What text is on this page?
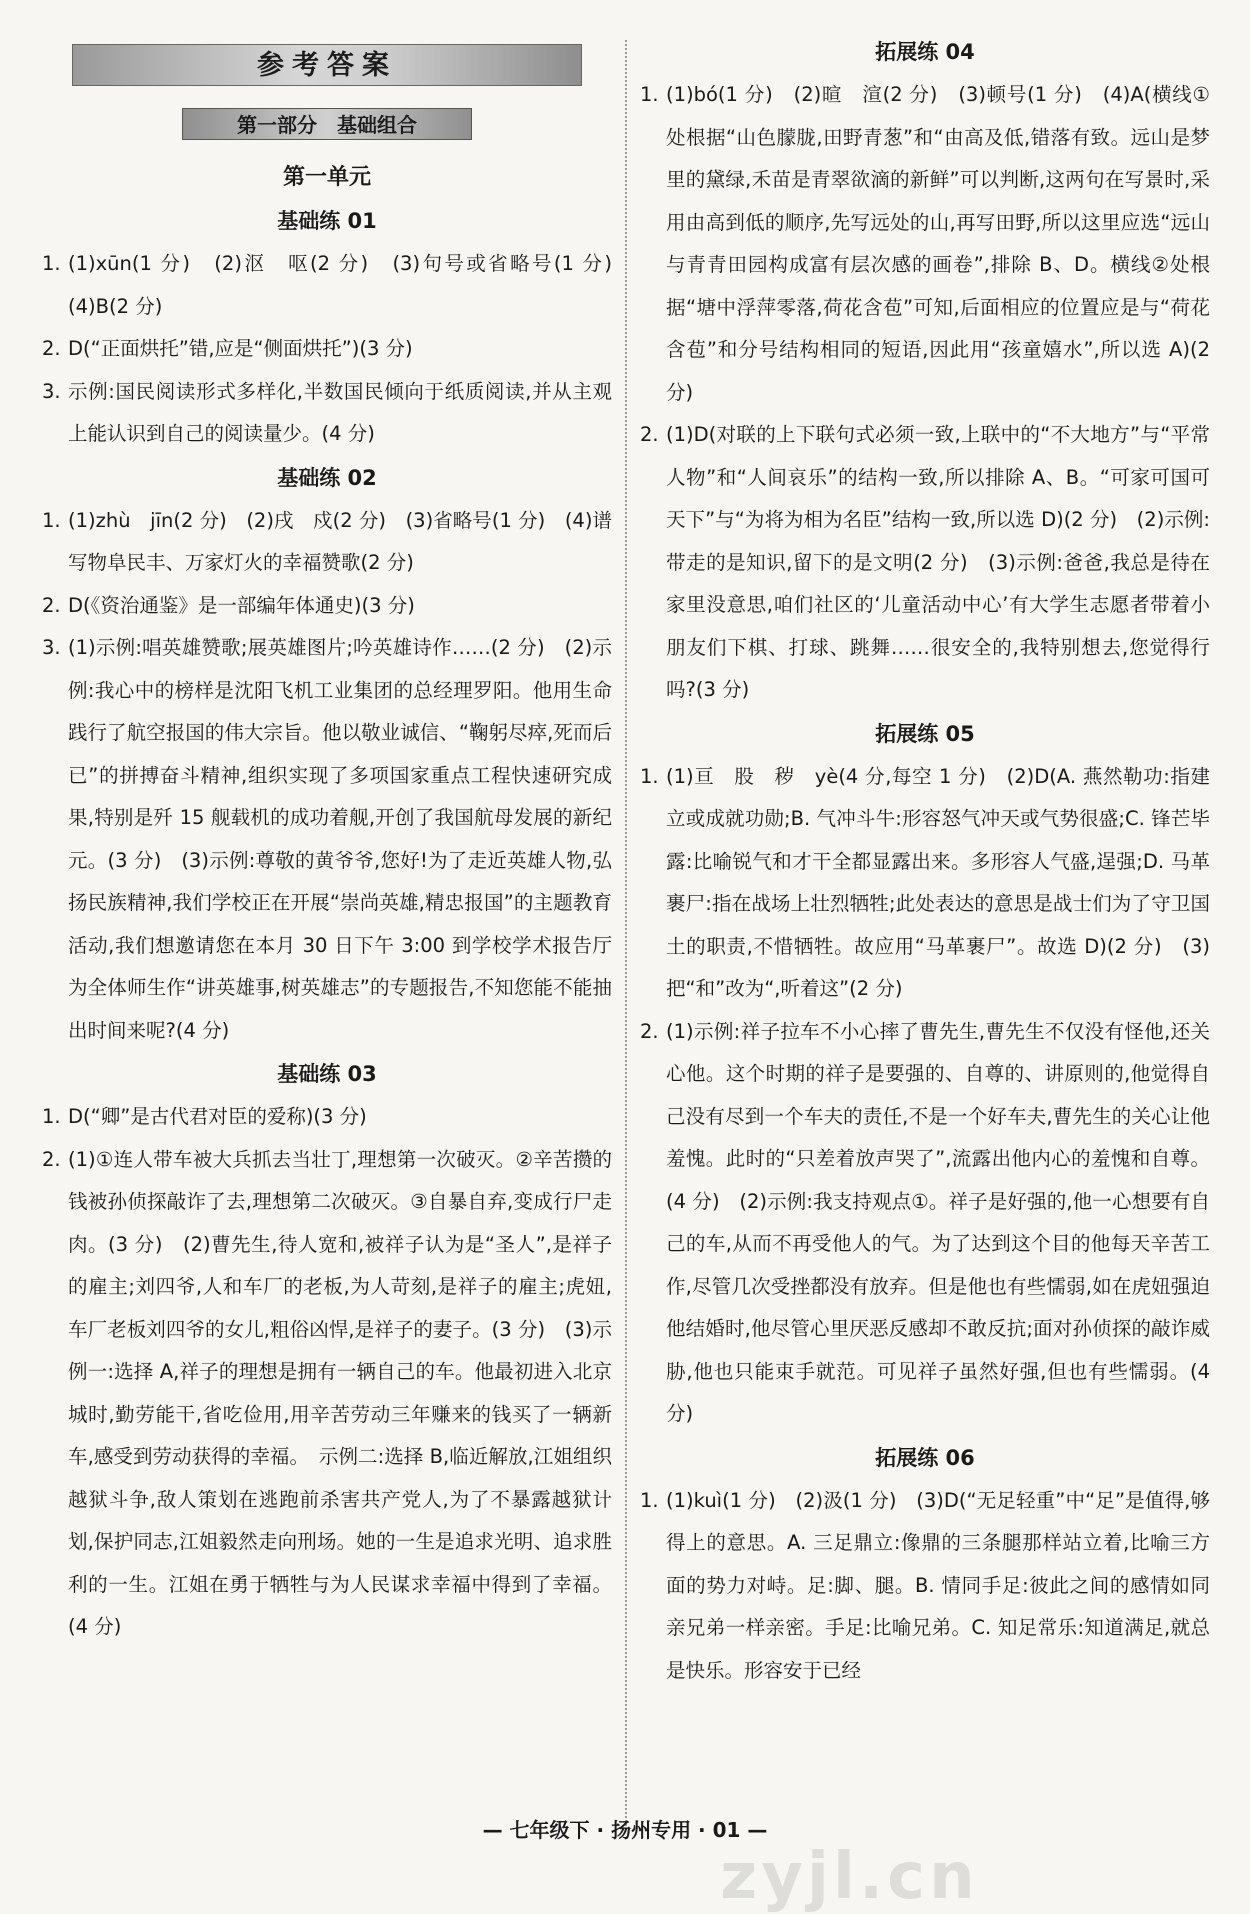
参考答案
第一部分　基础组合
第一单元
基础练 01

1. (1)xūn(1 分)　(2)沤　呕(2 分)　(3)句号或省略号(1 分)　(4)B(2 分)

2. D(“正面烘托”错,应是“侧面烘托”)(3 分)

3. 示例:国民阅读形式多样化,半数国民倾向于纸质阅读,并从主观上能认识到自己的阅读量少。(4 分)

基础练 02

1. (1)zhù　jīn(2 分)　(2)戌　戍(2 分)　(3)省略号(1 分)　(4)谱写物阜民丰、万家灯火的幸福赞歌(2 分)

2. D(《资治通鉴》是一部编年体通史)(3 分)

3. (1)示例:唱英雄赞歌;展英雄图片;吟英雄诗作……(2 分)　(2)示例:我心中的榜样是沈阳飞机工业集团的总经理罗阳。他用生命践行了航空报国的伟大宗旨。他以敬业诚信、“鞠躬尽瘁,死而后已”的拼搏奋斗精神,组织实现了多项国家重点工程快速研究成果,特别是歼 15 舰载机的成功着舰,开创了我国航母发展的新纪元。(3 分)　(3)示例:尊敬的黄爷爷,您好!为了走近英雄人物,弘扬民族精神,我们学校正在开展“崇尚英雄,精忠报国”的主题教育活动,我们想邀请您在本月 30 日下午 3:00 到学校学术报告厅为全体师生作“讲英雄事,树英雄志”的专题报告,不知您能不能抽出时间来呢?(4 分)

基础练 03

1. D(“卿”是古代君对臣的爱称)(3 分)

2. (1)①连人带车被大兵抓去当壮丁,理想第一次破灭。②辛苦攒的钱被孙侦探敲诈了去,理想第二次破灭。③自暴自弃,变成行尸走肉。(3 分)　(2)曹先生,待人宽和,被祥子认为是“圣人”,是祥子的雇主;刘四爷,人和车厂的老板,为人苛刻,是祥子的雇主;虎妞,车厂老板刘四爷的女儿,粗俗凶悍,是祥子的妻子。(3 分)　(3)示例一:选择 A,祥子的理想是拥有一辆自己的车。他最初进入北京城时,勤劳能干,省吃俭用,用辛苦劳动三年赚来的钱买了一辆新车,感受到劳动获得的幸福。　示例二:选择 B,临近解放,江姐组织越狱斗争,敌人策划在逃跑前杀害共产党人,为了不暴露越狱计划,保护同志,江姐毅然走向刑场。她的一生是追求光明、追求胜利的一生。江姐在勇于牺牲与为人民谋求幸福中得到了幸福。(4 分)

拓展练 04

1. (1)bó(1 分)　(2)暄　渲(2 分)　(3)顿号(1 分)　(4)A(横线①处根据“山色朦胧,田野青葱”和“由高及低,错落有致。远山是梦里的黛绿,禾苗是青翠欲滴的新鲜”可以判断,这两句在写景时,采用由高到低的顺序,先写远处的山,再写田野,所以这里应选“远山与青青田园构成富有层次感的画卷”,排除 B、D。横线②处根据“塘中浮萍零落,荷花含苞”可知,后面相应的位置应是与“荷花含苞”和分号结构相同的短语,因此用“孩童嬉水”,所以选 A)(2 分)

2. (1)D(对联的上下联句式必须一致,上联中的“不大地方”与“平常人物”和“人间哀乐”的结构一致,所以排除 A、B。“可家可国可天下”与“为将为相为名臣”结构一致,所以选 D)(2 分)　(2)示例:带走的是知识,留下的是文明(2 分)　(3)示例:爸爸,我总是待在家里没意思,咱们社区的‘儿童活动中心’有大学生志愿者带着小朋友们下棋、打球、跳舞……很安全的,我特别想去,您觉得行吗?(3 分)

拓展练 05

1. (1)亘　股　秽　yè(4 分,每空 1 分)　(2)D(A. 燕然勒功:指建立或成就功勋;B. 气冲斗牛:形容怒气冲天或气势很盛;C. 锋芒毕露:比喻锐气和才干全都显露出来。多形容人气盛,逞强;D. 马革裹尸:指在战场上壮烈牺牲;此处表达的意思是战士们为了守卫国土的职责,不惜牺牲。故应用“马革裹尸”。故选 D)(2 分)　(3)把“和”改为“,听着这”(2 分)

2. (1)示例:祥子拉车不小心摔了曹先生,曹先生不仅没有怪他,还关心他。这个时期的祥子是要强的、自尊的、讲原则的,他觉得自己没有尽到一个车夫的责任,不是一个好车夫,曹先生的关心让他羞愧。此时的“只差着放声哭了”,流露出他内心的羞愧和自尊。(4 分)　(2)示例:我支持观点①。祥子是好强的,他一心想要有自己的车,从而不再受他人的气。为了达到这个目的他每天辛苦工作,尽管几次受挫都没有放弃。但是他也有些懦弱,如在虎妞强迫他结婚时,他尽管心里厌恶反感却不敢反抗;面对孙侦探的敲诈威胁,他也只能束手就范。可见祥子虽然好强,但也有些懦弱。(4 分)

拓展练 06

1. (1)kuì(1 分)　(2)汲(1 分)　(3)D(“无足轻重”中“足”是值得,够得上的意思。A. 三足鼎立:像鼎的三条腿那样站立着,比喻三方面的势力对峙。足:脚、腿。B. 情同手足:彼此之间的感情如同亲兄弟一样亲密。手足:比喻兄弟。C. 知足常乐:知道满足,就总是快乐。形容安于已经

— 七年级下 · 扬州专用 · 01 —
zyjl.cn
